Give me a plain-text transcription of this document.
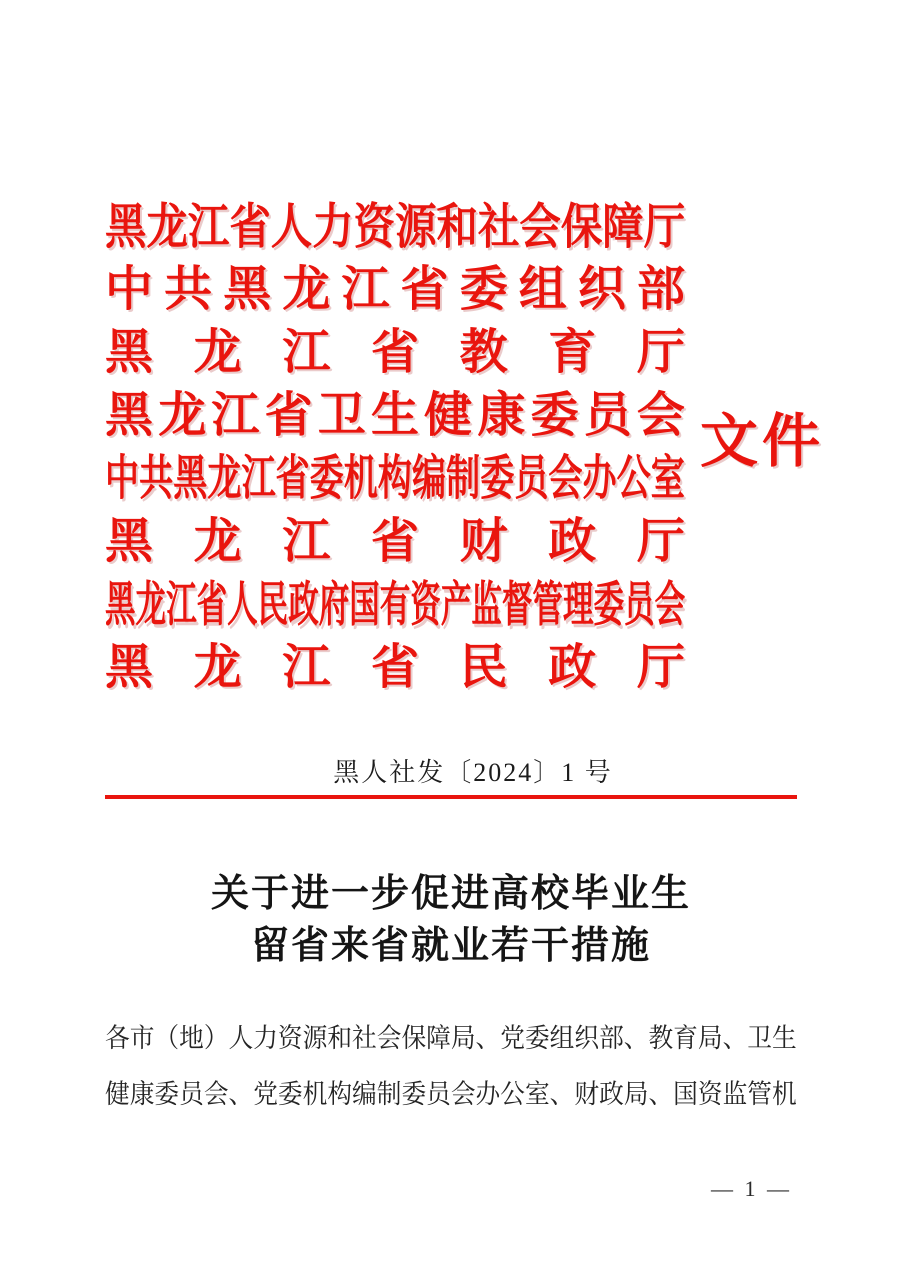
黑 龙 江 省 人 力 资 源 和 社 会 保 障 厅
中 共 黑 龙 江 省 委 组 织 部
黑 龙 江 省 教 育 厅
黑 龙 江 省 卫 生 健 康 委 员 会
中 共 黑 龙 江 省 委 机 构 编 制 委 员 会 办 公 室
黑 龙 江 省 财 政 厅
黑 龙 江 省 人 民 政 府 国 有 资 产 监 督 管 理 委 员 会
黑 龙 江 省 民 政 厅
文件
黑人社发〔2024〕1 号
关于进一步促进高校毕业生
留省来省就业若干措施
各 市 （ 地 ） 人 力 资 源 和 社 会 保 障 局 、 党 委 组 织 部 、 教 育 局 、 卫 生
健 康 委 员 会 、 党 委 机 构 编 制 委 员 会 办 公 室 、 财 政 局 、 国 资 监 管 机
— 1 —
